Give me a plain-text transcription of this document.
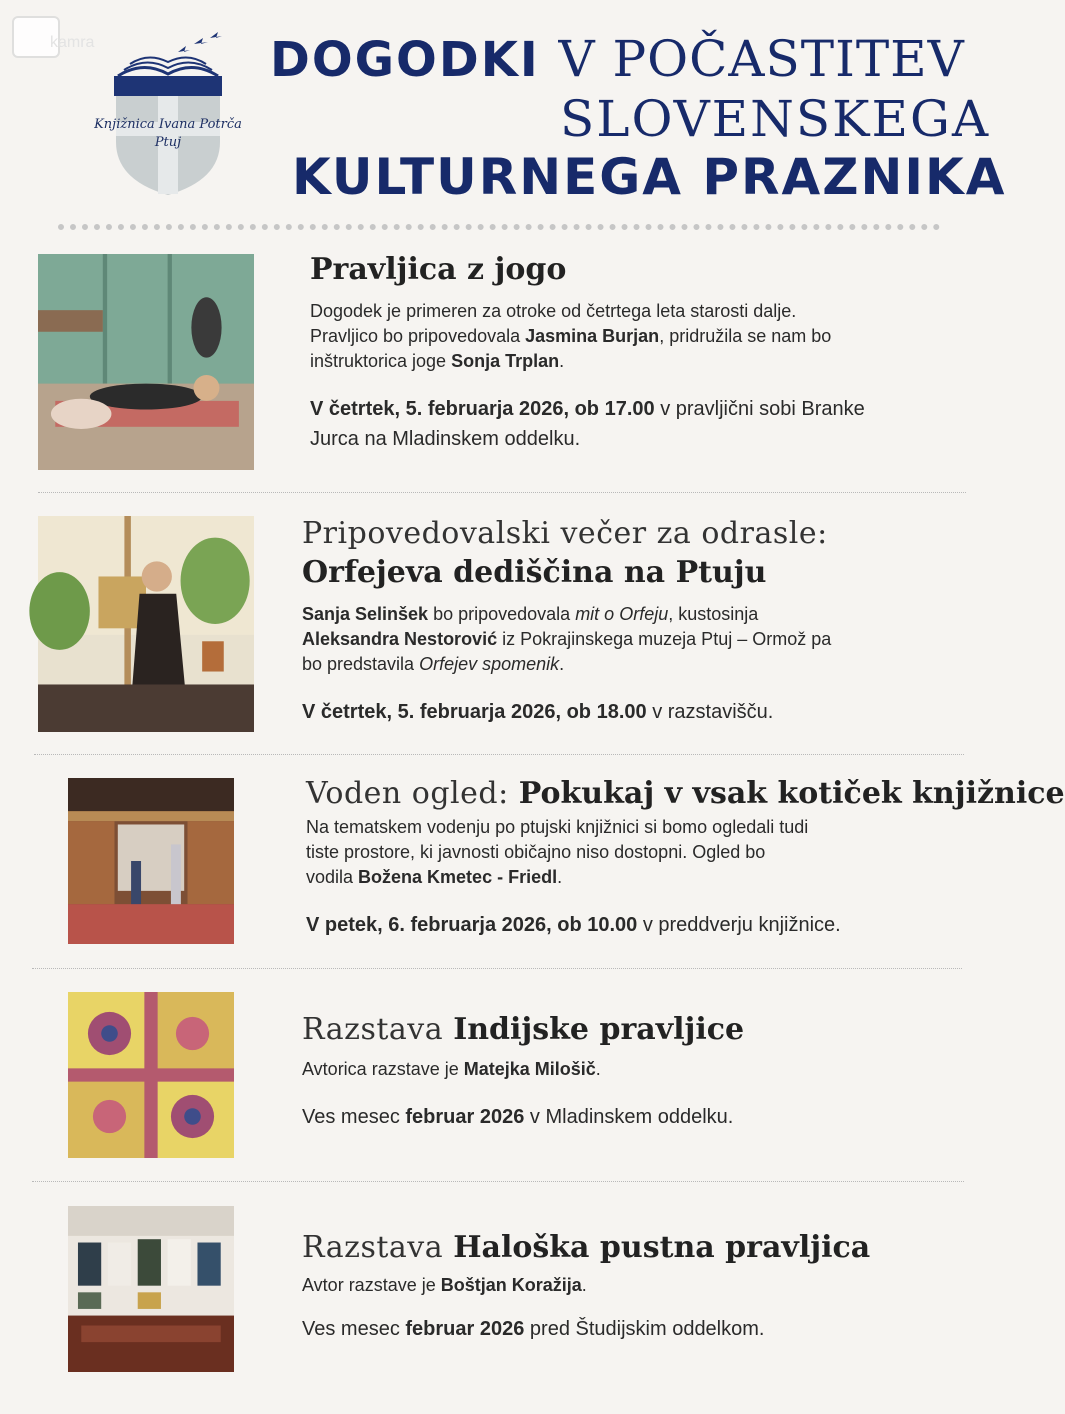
kamra
Knjižnica Ivana Potrča
Ptuj
DOGODKI V POČASTITEV
SLOVENSKEGA
KULTURNEGA PRAZNIKA
Pravljica z jogo
Dogodek je primeren za otroke od četrtega leta starosti dalje.
Pravljico bo pripovedovala Jasmina Burjan, pridružila se nam bo
inštruktorica joge Sonja Trplan.
V četrtek, 5. februarja 2026, ob 17.00 v pravljični sobi Branke Jurca na Mladinskem oddelku.
Pripovedovalski večer za odrasle:
Orfejeva dediščina na Ptuju
Sanja Selinšek bo pripovedovala mit o Orfeju, kustosinja
Aleksandra Nestorović iz Pokrajinskega muzeja Ptuj – Ormož pa
bo predstavila Orfejev spomenik.
V četrtek, 5. februarja 2026, ob 18.00 v razstavišču.
Voden ogled: Pokukaj v vsak kotiček knjižnice
Na tematskem vodenju po ptujski knjižnici si bomo ogledali tudi
tiste prostore, ki javnosti običajno niso dostopni. Ogled bo
vodila Božena Kmetec - Friedl.
V petek, 6. februarja 2026, ob 10.00 v preddverju knjižnice.
Razstava Indijske pravljice
Avtorica razstave je Matejka Milošič.
Ves mesec februar 2026 v Mladinskem oddelku.
Razstava Haloška pustna pravljica
Avtor razstave je Boštjan Koražija.
Ves mesec februar 2026 pred Študijskim oddelkom.
